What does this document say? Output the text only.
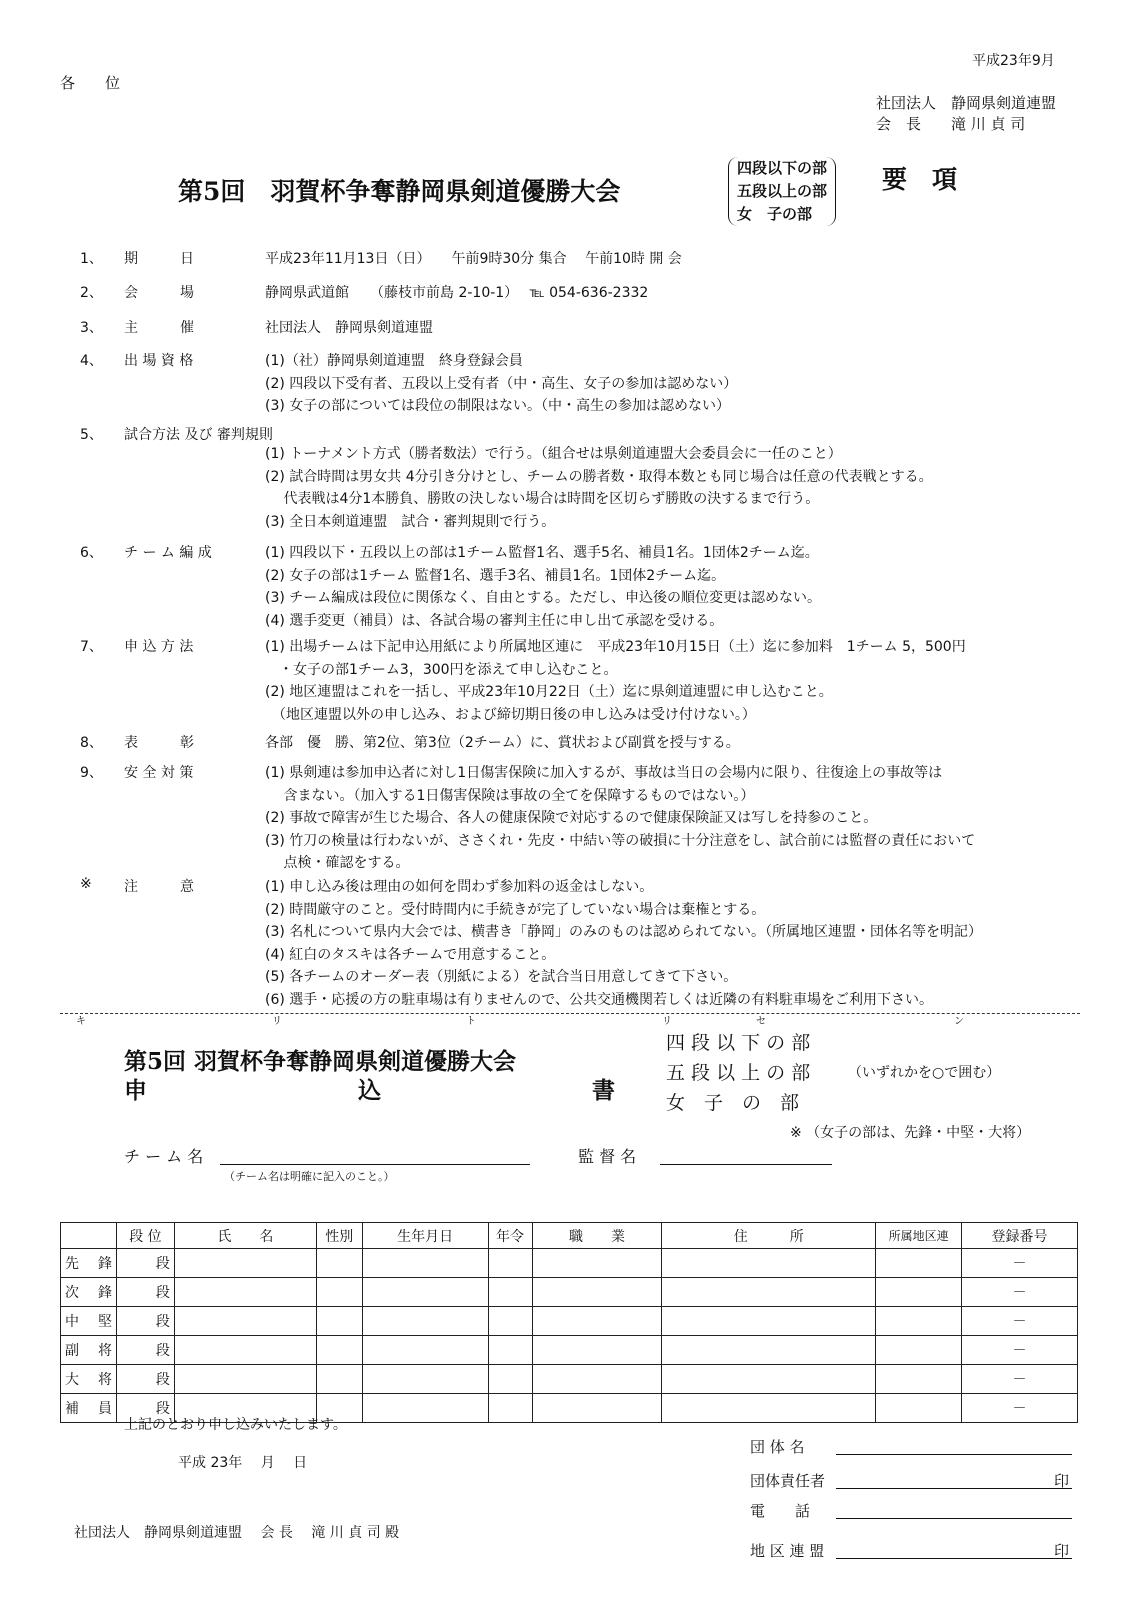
平成23年9月
各　　位
社団法人　静岡県剣道連盟
会　長　　滝 川 貞 司
第5回　羽賀杯争奪静岡県剣道優勝大会
四段以下の部
五段以上の部
女　子の部
要　項
1、 期　　　日	平成23年11月13日（日）　　午前9時30分 集合　 午前10時 開 会
2、 会　　　場	静岡県武道館　　（藤枝市前島 2-10-1）　 ℡ 054-636-2332
3、 主　　　催	社団法人　静岡県剣道連盟
4、 出 場 資 格	(1)（社）静岡県剣道連盟　終身登録会員
(2) 四段以下受有者、五段以上受有者（中・高生、女子の参加は認めない）
(3) 女子の部については段位の制限はない。（中・高生の参加は認めない）
5、 試合方法 及び 審判規則
(1) トーナメント方式（勝者数法）で行う。（組合せは県剣道連盟大会委員会に一任のこと）
(2) 試合時間は男女共 4分引き分けとし、チームの勝者数・取得本数とも同じ場合は任意の代表戦とする。
　 代表戦は4分1本勝負、勝敗の決しない場合は時間を区切らず勝敗の決するまで行う。
(3) 全日本剣道連盟　試合・審判規則で行う。
6、 チ ー ム 編 成	(1) 四段以下・五段以上の部は1チーム監督1名、選手5名、補員1名。1団体2チーム迄。
(2) 女子の部は1チーム 監督1名、選手3名、補員1名。1団体2チーム迄。
(3) チーム編成は段位に関係なく、自由とする。ただし、申込後の順位変更は認めない。
(4) 選手変更（補員）は、各試合場の審判主任に申し出て承認を受ける。
7、 申 込 方 法	(1) 出場チームは下記申込用紙により所属地区連に　平成23年10月15日（土）迄に参加料　1チーム 5，500円
　・女子の部1チーム3，300円を添えて申し込むこと。
(2) 地区連盟はこれを一括し、平成23年10月22日（土）迄に県剣道連盟に申し込むこと。
　（地区連盟以外の申し込み、および締切期日後の申し込みは受け付けない。）
8、 表　　　彰	各部　優　勝、第2位、第3位（2チーム）に、賞状および副賞を授与する。
9、 安 全 対 策	(1) 県剣連は参加申込者に対し1日傷害保険に加入するが、事故は当日の会場内に限り、往復途上の事故等は
　 含まない。（加入する1日傷害保険は事故の全てを保障するものではない。）
(2) 事故で障害が生じた場合、各人の健康保険で対応するので健康保険証又は写しを持参のこと。
(3) 竹刀の検量は行わないが、ささくれ・先皮・中結い等の破損に十分注意をし、試合前には監督の責任において
　 点検・確認をする。
※ 注　　　意	(1) 申し込み後は理由の如何を問わず参加料の返金はしない。
(2) 時間厳守のこと。受付時間内に手続きが完了していない場合は棄権とする。
(3) 名札について県内大会では、横書き「静岡」のみのものは認められてない。（所属地区連盟・団体名等を明記）
(4) 紅白のタスキは各チームで用意すること。
(5) 各チームのオーダー表（別紙による）を試合当日用意してきて下さい。
(6) 選手・応援の方の駐車場は有りませんので、公共交通機関若しくは近隣の有料駐車場をご利用下さい。
キ	リ	ト	リ	セ	ン
第5回 羽賀杯争奪静岡県剣道優勝大会
申	込	書
四 段 以 下 の 部
五 段 以 上 の 部
女　子　の　部
（いずれかを○で囲む）
※ （女子の部は、先鋒・中堅・大将）
チ ー ム 名
（チーム名は明確に記入のこと。）
監 督 名
	段 位	氏　　名	性別	生年月日	年令	職　　業	住　　　所	所属地区連	登録番号
先　鋒	段								－
次　鋒	段								－
中　堅	段								－
副　将	段								－
大　将	段								－
補　員	段								－
上記のとおり申し込みいたします。
平成 23年　 月　 日
社団法人　静岡県剣道連盟　 会 長　 滝 川 貞 司 殿
団 体 名
団体責任者	印
電　　話
地 区 連 盟	印
